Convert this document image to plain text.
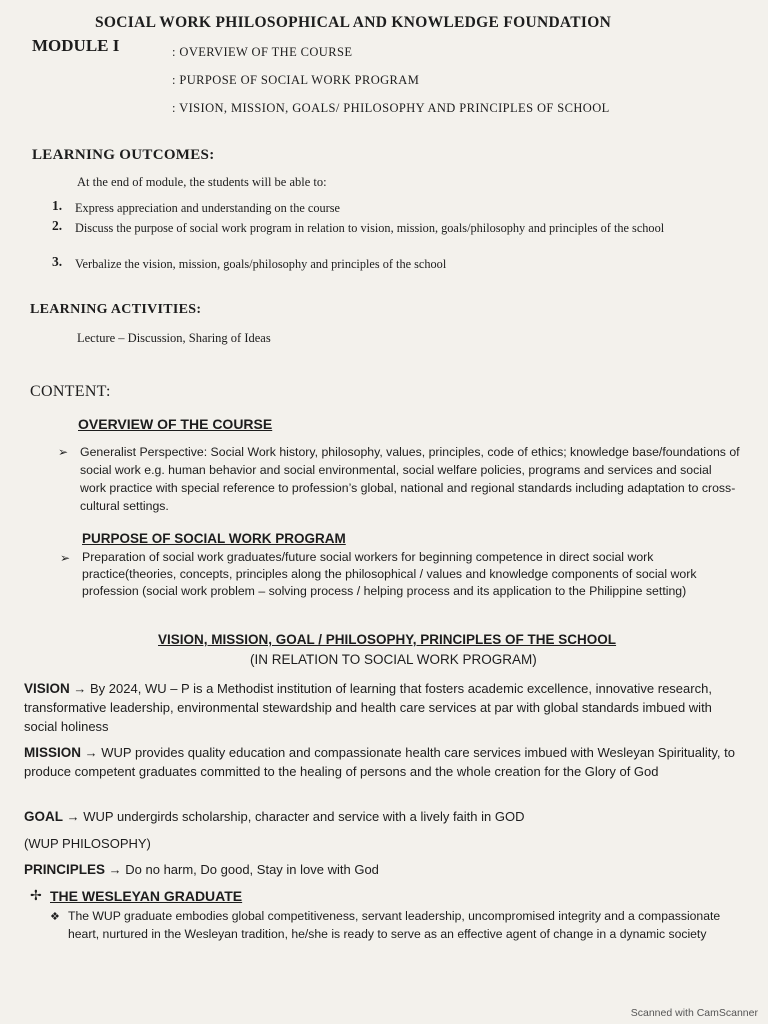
SOCIAL WORK PHILOSOPHICAL AND KNOWLEDGE FOUNDATION
MODULE I	: OVERVIEW OF THE COURSE
: PURPOSE OF SOCIAL WORK PROGRAM
: VISION, MISSION, GOALS/ PHILOSOPHY AND PRINCIPLES OF SCHOOL
LEARNING OUTCOMES:
At the end of module, the students will be able to:
1. Express appreciation and understanding on the course
2. Discuss the purpose of social work program in relation to vision, mission, goals/philosophy and principles of the school
3. Verbalize the vision, mission, goals/philosophy and principles of the school
LEARNING ACTIVITIES:
Lecture – Discussion, Sharing of Ideas
CONTENT:
OVERVIEW OF THE COURSE
➢ Generalist Perspective: Social Work history, philosophy, values, principles, code of ethics; knowledge base/foundations of social work e.g. human behavior and social environmental, social welfare policies, programs and services and social work practice with special reference to profession’s global, national and regional standards including adaptation to cross- cultural settings.
PURPOSE OF SOCIAL WORK PROGRAM
➢ Preparation of social work graduates/future social workers for beginning competence in direct social work practice(theories, concepts, principles along the philosophical / values and knowledge components of social work profession (social work problem – solving process / helping process and its application to the Philippine setting)
VISION, MISSION, GOAL / PHILOSOPHY, PRINCIPLES OF THE SCHOOL
(IN RELATION TO SOCIAL WORK PROGRAM)
VISION → By 2024, WU – P is a Methodist institution of learning that fosters academic excellence, innovative research, transformative leadership, environmental stewardship and health care services at par with global standards imbued with social holiness
MISSION → WUP provides quality education and compassionate health care services imbued with Wesleyan Spirituality, to produce competent graduates committed to the healing of persons and the whole creation for the Glory of God
GOAL → WUP undergirds scholarship, character and service with a lively faith in GOD
(WUP PHILOSOPHY)
PRINCIPLES → Do no harm, Do good, Stay in love with God
✢ THE WESLEYAN GRADUATE
❖ The WUP graduate embodies global competitiveness, servant leadership, uncompromised integrity and a compassionate heart, nurtured in the Wesleyan tradition, he/she is ready to serve as an effective agent of change in a dynamic society
Scanned with CamScanner
